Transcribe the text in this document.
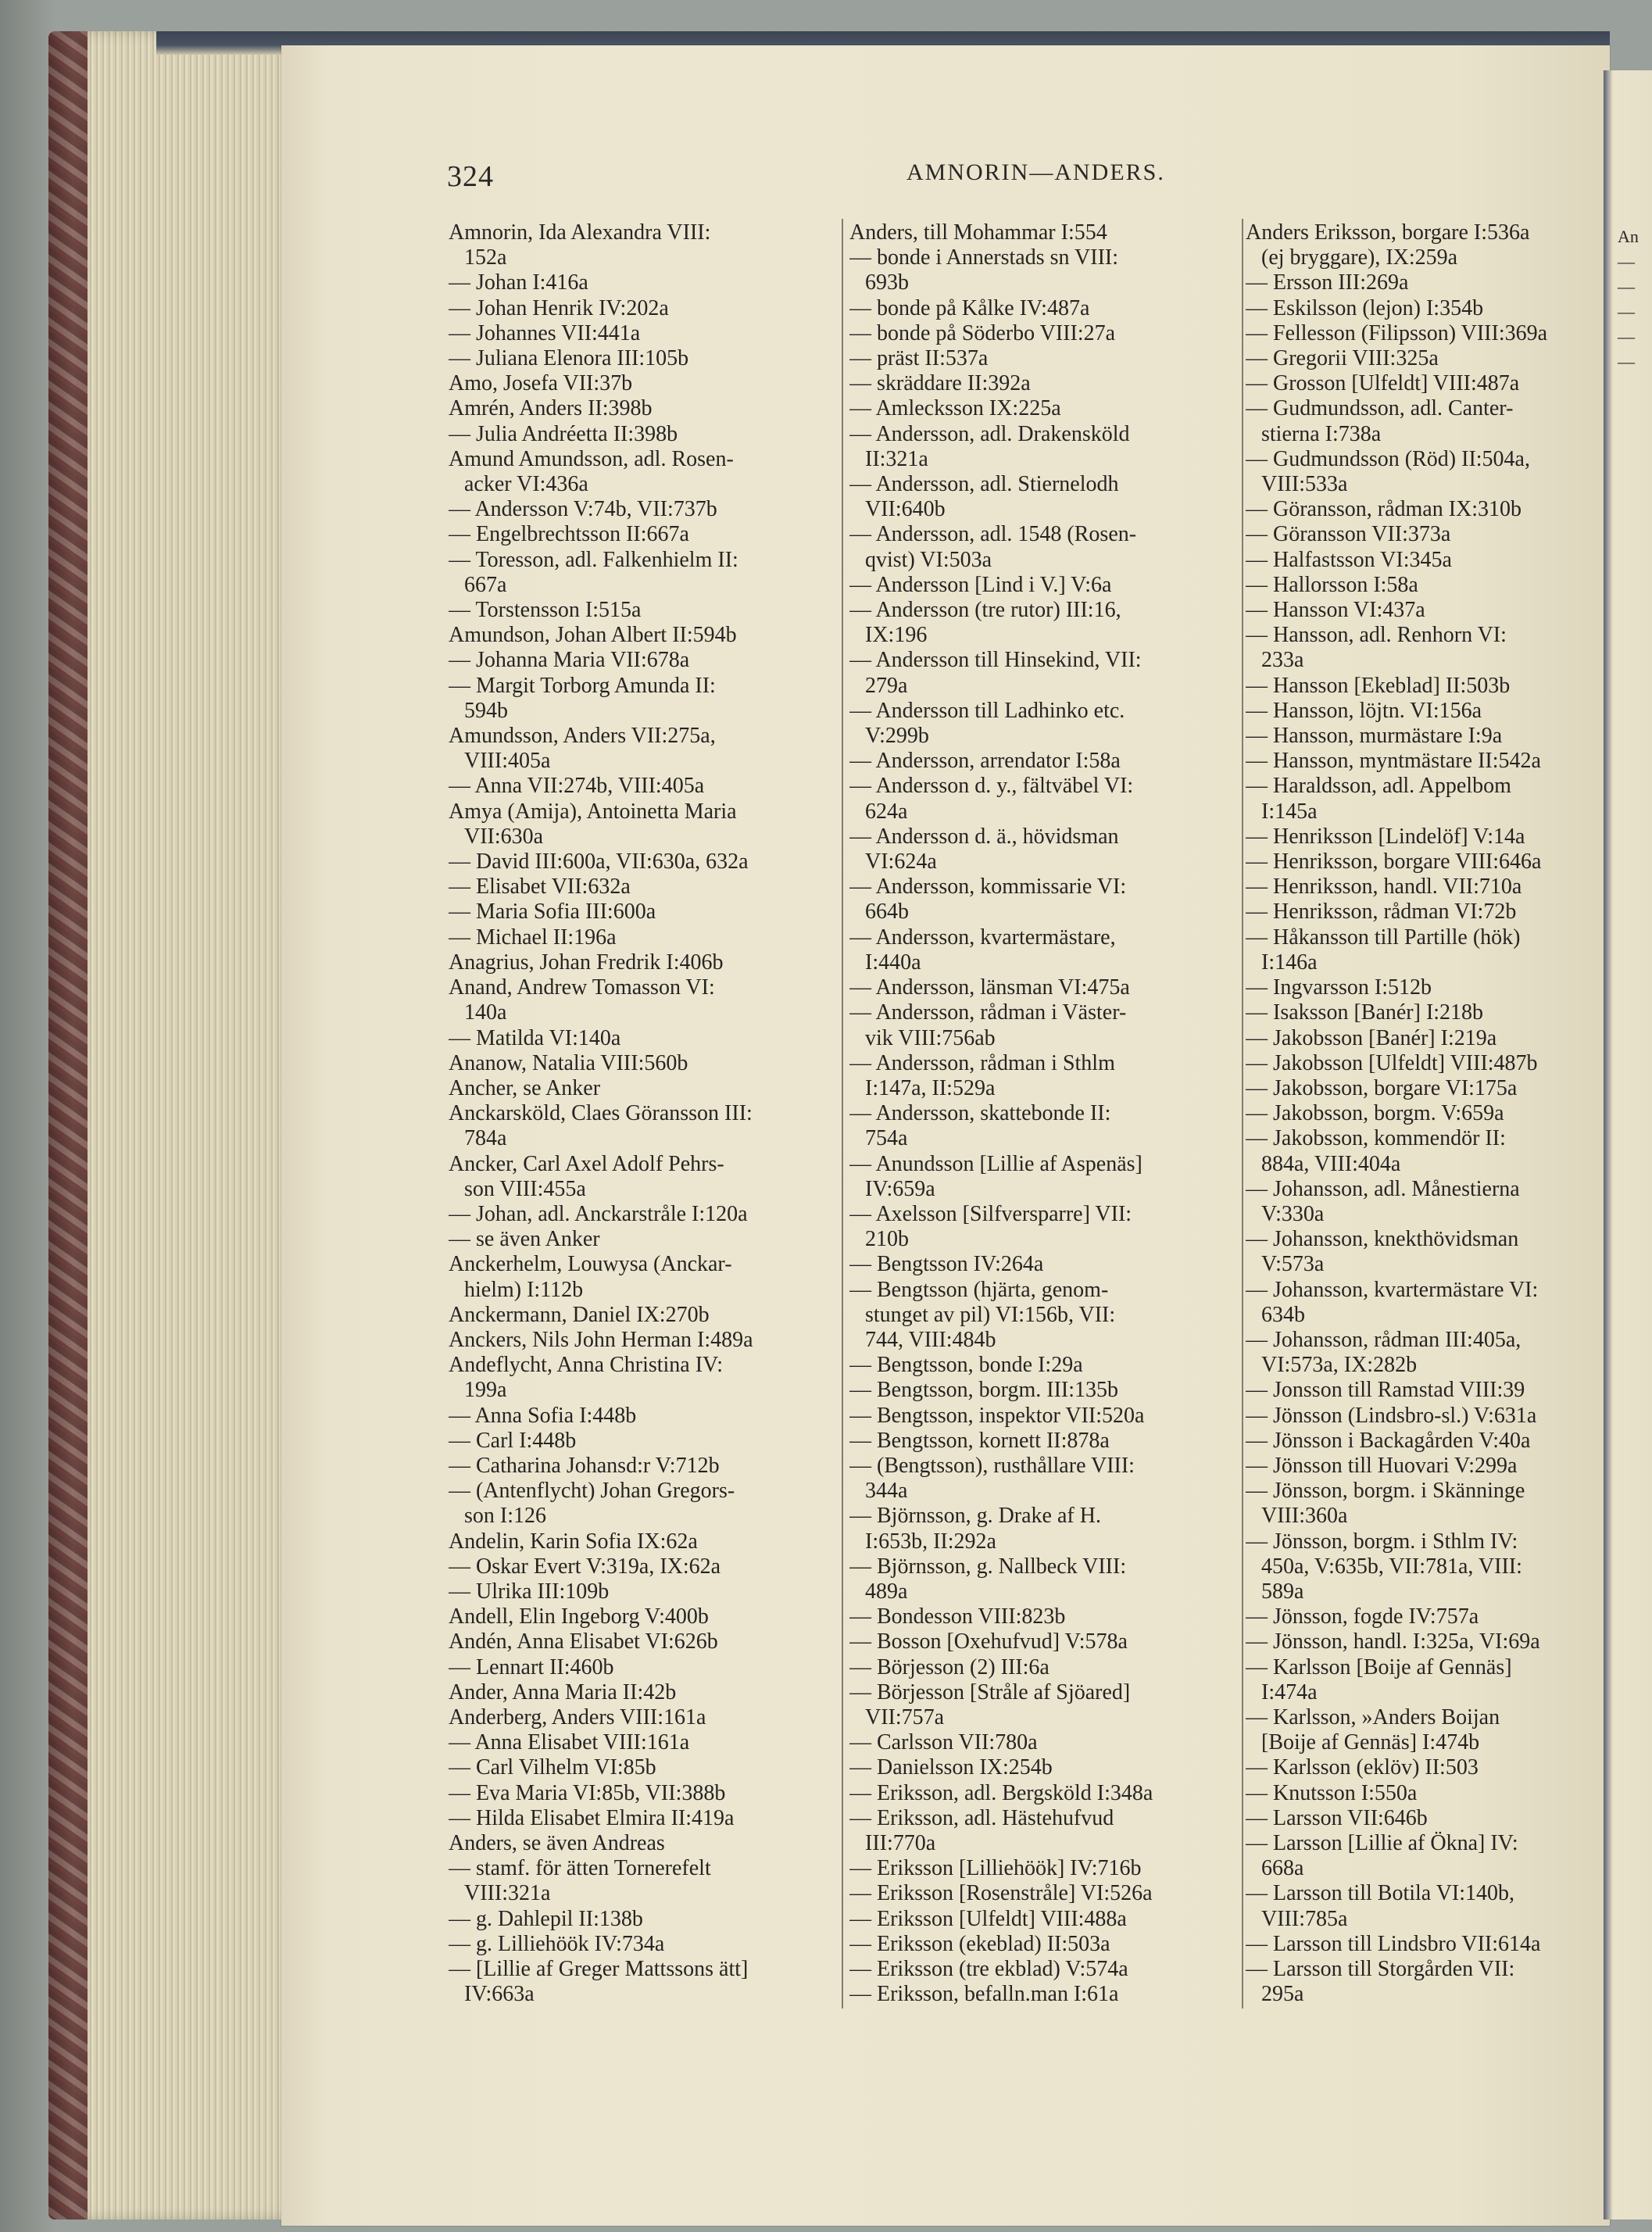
An
—
—
—
—
—
324	AMNORIN—ANDERS.
Amnorin, Ida Alexandra VIII:
152a
— Johan I:416a
— Johan Henrik IV:202a
— Johannes VII:441a
— Juliana Elenora III:105b
Amo, Josefa VII:37b
Amrén, Anders II:398b
— Julia Andréetta II:398b
Amund Amundsson, adl. Rosen-
acker VI:436a
— Andersson V:74b, VII:737b
— Engelbrechtsson II:667a
— Toresson, adl. Falkenhielm II:
667a
— Torstensson I:515a
Amundson, Johan Albert II:594b
— Johanna Maria VII:678a
— Margit Torborg Amunda II:
594b
Amundsson, Anders VII:275a,
VIII:405a
— Anna VII:274b, VIII:405a
Amya (Amija), Antoinetta Maria
VII:630a
— David III:600a, VII:630a, 632a
— Elisabet VII:632a
— Maria Sofia III:600a
— Michael II:196a
Anagrius, Johan Fredrik I:406b
Anand, Andrew Tomasson VI:
140a
— Matilda VI:140a
Ananow, Natalia VIII:560b
Ancher, se Anker
Anckarsköld, Claes Göransson III:
784a
Ancker, Carl Axel Adolf Pehrs-
son VIII:455a
— Johan, adl. Anckarstråle I:120a
— se även Anker
Anckerhelm, Louwysa (Anckar-
hielm) I:112b
Anckermann, Daniel IX:270b
Anckers, Nils John Herman I:489a
Andeflycht, Anna Christina IV:
199a
— Anna Sofia I:448b
— Carl I:448b
— Catharina Johansd:r V:712b
— (Antenflycht) Johan Gregors-
son I:126
Andelin, Karin Sofia IX:62a
— Oskar Evert V:319a, IX:62a
— Ulrika III:109b
Andell, Elin Ingeborg V:400b
Andén, Anna Elisabet VI:626b
— Lennart II:460b
Ander, Anna Maria II:42b
Anderberg, Anders VIII:161a
— Anna Elisabet VIII:161a
— Carl Vilhelm VI:85b
— Eva Maria VI:85b, VII:388b
— Hilda Elisabet Elmira II:419a
Anders, se även Andreas
— stamf. för ätten Tornerefelt
VIII:321a
— g. Dahlepil II:138b
— g. Lilliehöök IV:734a
— [Lillie af Greger Mattssons ätt]
IV:663a
Anders, till Mohammar I:554
— bonde i Annerstads sn VIII:
693b
— bonde på Kålke IV:487a
— bonde på Söderbo VIII:27a
— präst II:537a
— skräddare II:392a
— Amlecksson IX:225a
— Andersson, adl. Drakensköld
II:321a
— Andersson, adl. Stiernelodh
VII:640b
— Andersson, adl. 1548 (Rosen-
qvist) VI:503a
— Andersson [Lind i V.] V:6a
— Andersson (tre rutor) III:16,
IX:196
— Andersson till Hinsekind, VII:
279a
— Andersson till Ladhinko etc.
V:299b
— Andersson, arrendator I:58a
— Andersson d. y., fältväbel VI:
624a
— Andersson d. ä., hövidsman
VI:624a
— Andersson, kommissarie VI:
664b
— Andersson, kvartermästare,
I:440a
— Andersson, länsman VI:475a
— Andersson, rådman i Väster-
vik VIII:756ab
— Andersson, rådman i Sthlm
I:147a, II:529a
— Andersson, skattebonde II:
754a
— Anundsson [Lillie af Aspenäs]
IV:659a
— Axelsson [Silfversparre] VII:
210b
— Bengtsson IV:264a
— Bengtsson (hjärta, genom-
stunget av pil) VI:156b, VII:
744, VIII:484b
— Bengtsson, bonde I:29a
— Bengtsson, borgm. III:135b
— Bengtsson, inspektor VII:520a
— Bengtsson, kornett II:878a
— (Bengtsson), rusthållare VIII:
344a
— Björnsson, g. Drake af H.
I:653b, II:292a
— Björnsson, g. Nallbeck VIII:
489a
— Bondesson VIII:823b
— Bosson [Oxehufvud] V:578a
— Börjesson (2) III:6a
— Börjesson [Stråle af Sjöared]
VII:757a
— Carlsson VII:780a
— Danielsson IX:254b
— Eriksson, adl. Bergsköld I:348a
— Eriksson, adl. Hästehufvud
III:770a
— Eriksson [Lilliehöök] IV:716b
— Eriksson [Rosenstråle] VI:526a
— Eriksson [Ulfeldt] VIII:488a
— Eriksson (ekeblad) II:503a
— Eriksson (tre ekblad) V:574a
— Eriksson, befalln.man I:61a
Anders Eriksson, borgare I:536a
(ej bryggare), IX:259a
— Ersson III:269a
— Eskilsson (lejon) I:354b
— Fellesson (Filipsson) VIII:369a
— Gregorii VIII:325a
— Grosson [Ulfeldt] VIII:487a
— Gudmundsson, adl. Canter-
stierna I:738a
— Gudmundsson (Röd) II:504a,
VIII:533a
— Göransson, rådman IX:310b
— Göransson VII:373a
— Halfastsson VI:345a
— Hallorsson I:58a
— Hansson VI:437a
— Hansson, adl. Renhorn VI:
233a
— Hansson [Ekeblad] II:503b
— Hansson, löjtn. VI:156a
— Hansson, murmästare I:9a
— Hansson, myntmästare II:542a
— Haraldsson, adl. Appelbom
I:145a
— Henriksson [Lindelöf] V:14a
— Henriksson, borgare VIII:646a
— Henriksson, handl. VII:710a
— Henriksson, rådman VI:72b
— Håkansson till Partille (hök)
I:146a
— Ingvarsson I:512b
— Isaksson [Banér] I:218b
— Jakobsson [Banér] I:219a
— Jakobsson [Ulfeldt] VIII:487b
— Jakobsson, borgare VI:175a
— Jakobsson, borgm. V:659a
— Jakobsson, kommendör II:
884a, VIII:404a
— Johansson, adl. Månestierna
V:330a
— Johansson, knekthövidsman
V:573a
— Johansson, kvartermästare VI:
634b
— Johansson, rådman III:405a,
VI:573a, IX:282b
— Jonsson till Ramstad VIII:39
— Jönsson (Lindsbro-sl.) V:631a
— Jönsson i Backagården V:40a
— Jönsson till Huovari V:299a
— Jönsson, borgm. i Skänninge
VIII:360a
— Jönsson, borgm. i Sthlm IV:
450a, V:635b, VII:781a, VIII:
589a
— Jönsson, fogde IV:757a
— Jönsson, handl. I:325a, VI:69a
— Karlsson [Boije af Gennäs]
I:474a
— Karlsson, »Anders Boijan
[Boije af Gennäs] I:474b
— Karlsson (eklöv) II:503
— Knutsson I:550a
— Larsson VII:646b
— Larsson [Lillie af Ökna] IV:
668a
— Larsson till Botila VI:140b,
VIII:785a
— Larsson till Lindsbro VII:614a
— Larsson till Storgården VII:
295a
